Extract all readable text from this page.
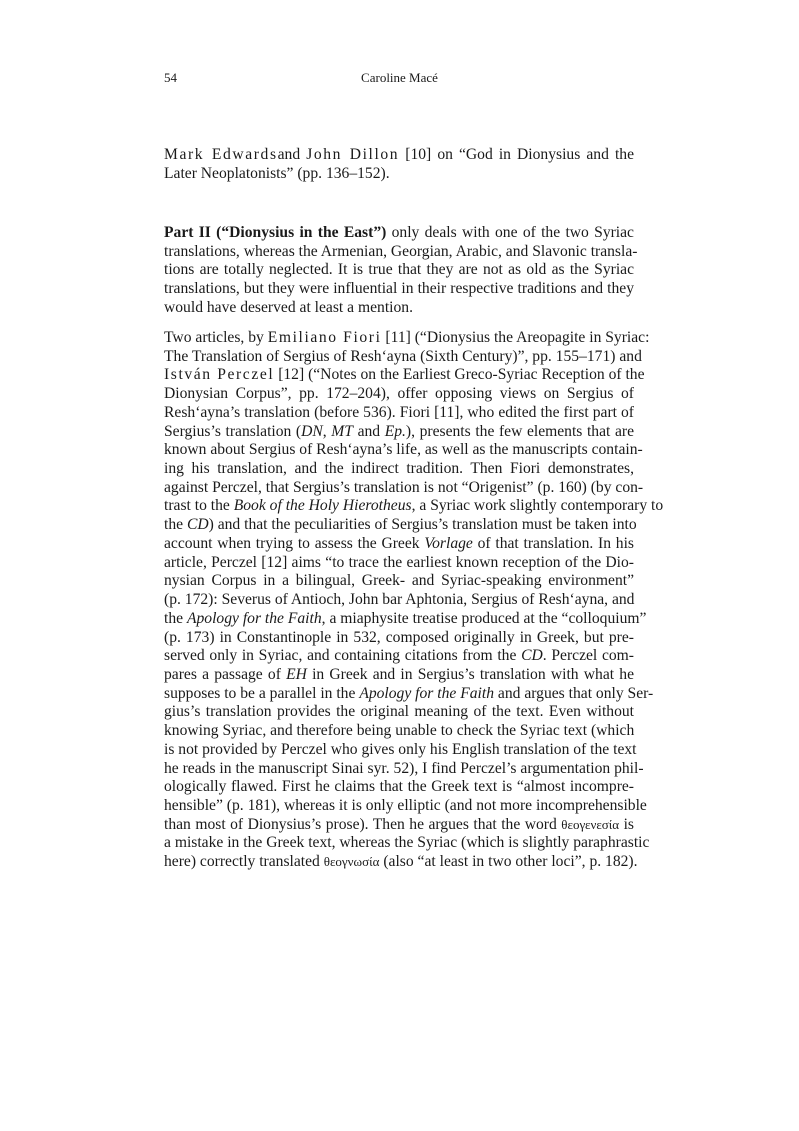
54	Caroline Macé
Mark Edwardsand John Dillon [10] on “God in Dionysius and the
Later Neoplatonists” (pp. 136–152).
Part II (“Dionysius in the East”) only deals with one of the two Syriac
translations, whereas the Armenian, Georgian, Arabic, and Slavonic transla-
tions are totally neglected. It is true that they are not as old as the Syriac
translations, but they were influential in their respective traditions and they
would have deserved at least a mention.
Two articles, by Emiliano Fiori [11] (“Dionysius the Areopagite in Syriac:
The Translation of Sergius of Resh‘ayna (Sixth Century)”, pp. 155–171) and
István Perczel [12] (“Notes on the Earliest Greco-Syriac Reception of the
Dionysian Corpus”, pp. 172–204), offer opposing views on Sergius of
Resh‘ayna’s translation (before 536). Fiori [11], who edited the first part of
Sergius’s translation (DN, MT and Ep.), presents the few elements that are
known about Sergius of Resh‘ayna’s life, as well as the manuscripts contain-
ing his translation, and the indirect tradition. Then Fiori demonstrates,
against Perczel, that Sergius’s translation is not “Origenist” (p. 160) (by con-
trast to the Book of the Holy Hierotheus, a Syriac work slightly contemporary to
the CD) and that the peculiarities of Sergius’s translation must be taken into
account when trying to assess the Greek Vorlage of that translation. In his
article, Perczel [12] aims “to trace the earliest known reception of the Dio-
nysian Corpus in a bilingual, Greek- and Syriac-speaking environment”
(p. 172): Severus of Antioch, John bar Aphtonia, Sergius of Resh‘ayna, and
the Apology for the Faith, a miaphysite treatise produced at the “colloquium”
(p. 173) in Constantinople in 532, composed originally in Greek, but pre-
served only in Syriac, and containing citations from the CD. Perczel com-
pares a passage of EH in Greek and in Sergius’s translation with what he
supposes to be a parallel in the Apology for the Faith and argues that only Ser-
gius’s translation provides the original meaning of the text. Even without
knowing Syriac, and therefore being unable to check the Syriac text (which
is not provided by Perczel who gives only his English translation of the text
he reads in the manuscript Sinai syr. 52), I find Perczel’s argumentation phil-
ologically flawed. First he claims that the Greek text is “almost incompre-
hensible” (p. 181), whereas it is only elliptic (and not more incomprehensible
than most of Dionysius’s prose). Then he argues that the word θεογενεσία is
a mistake in the Greek text, whereas the Syriac (which is slightly paraphrastic
here) correctly translated θεογνωσία (also “at least in two other loci”, p. 182).
